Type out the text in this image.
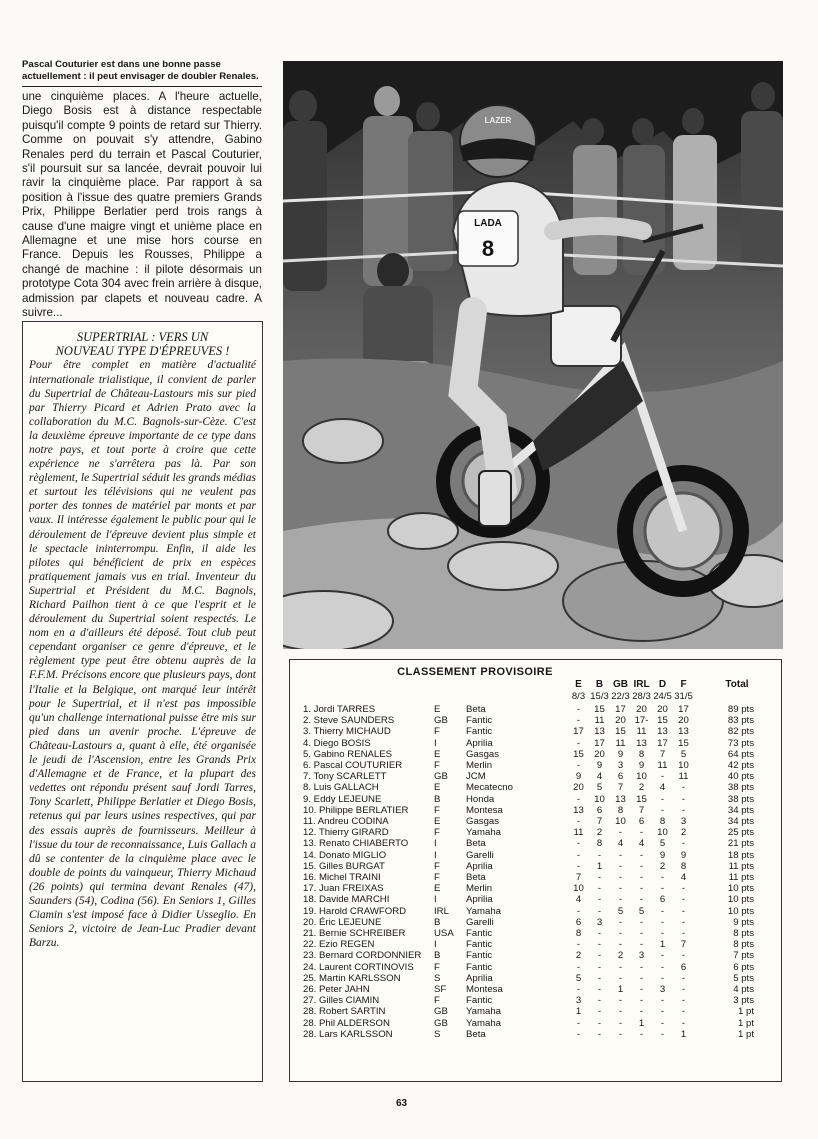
Pascal Couturier est dans une bonne passe actuellement : il peut envisager de doubler Renales.
une cinquième places. A l'heure actuelle, Diego Bosis est à distance respectable puisqu'il compte 9 points de retard sur Thierry. Comme on pouvait s'y attendre, Gabino Renales perd du terrain et Pascal Couturier, s'il poursuit sur sa lancée, devrait pouvoir lui ravir la cinquième place. Par rapport à sa position à l'issue des quatre premiers Grands Prix, Philippe Berlatier perd trois rangs à cause d'une maigre vingt et unième place en Allemagne et une mise hors course en France. Depuis les Rousses, Philippe a changé de machine : il pilote désormais un prototype Cota 304 avec frein arrière à disque, admission par clapets et nouveau cadre. A suivre...
SUPERTRIAL : VERS UN
NOUVEAU TYPE D'ÉPREUVES !

Pour être complet en matière d'actualité internationale trialistique, il convient de parler du Supertrial de Château-Lastours mis sur pied par Thierry Picard et Adrien Prato avec la collaboration du M.C. Bagnols-sur-Cèze. C'est la deuxième épreuve importante de ce type dans notre pays, et tout porte à croire que cette expérience ne s'arrêtera pas là. Par son règlement, le Supertrial séduit les grands médias et surtout les télévisions qui ne veulent pas porter des tonnes de matériel par monts et par vaux. Il intéresse également le public pour qui le déroulement de l'épreuve devient plus simple et le spectacle ininterrompu. Enfin, il aide les pilotes qui bénéficient de prix en espèces pratiquement jamais vus en trial. Inventeur du Supertrial et Président du M.C. Bagnols, Richard Pailhon tient à ce que l'esprit et le déroulement du Supertrial soient respectés. Le nom en a d'ailleurs été déposé. Tout club peut cependant organiser ce genre d'épreuve, et le règlement type peut être obtenu auprès de la F.F.M. Précisons encore que plusieurs pays, dont l'Italie et la Belgique, ont marqué leur intérêt pour le Supertrial, et il n'est pas impossible qu'un challenge international puisse être mis sur pied dans un avenir proche. L'épreuve de Château-Lastours a, quant à elle, été organisée le jeudi de l'Ascension, entre les Grands Prix d'Allemagne et de France, et la plupart des vedettes ont répondu présent sauf Jordi Tarres, Tony Scarlett, Philippe Berlatier et Diego Bosis, retenus qui par leurs usines respectives, qui par des essais auprès de fournisseurs. Meilleur à l'issue du tour de reconnaissance, Luis Gallach a dû se contenter de la cinquième place avec le double de points du vainqueur, Thierry Michaud (26 points) qui termina devant Renales (47), Saunders (54), Codina (56). En Seniors 1, Gilles Ciamin s'est imposé face à Didier Usseglio. En Seniors 2, victoire de Jean-Luc Pradier devant Barzu.

LADA
8
LAZER
CLASSEMENT PROVISOIRE
Total
E	B GB IRL D	F
8/3 15/3 22/3 28/3 24/5 31/5
1. Jordi TARRES	E	Beta	-	15	17	20	20	17	89 pts
2. Steve SAUNDERS	GB	Fantic	-	11	20	17-	15	20	83 pts
3. Thierry MICHAUD	F	Fantic	17	13	15	11	13	13	82 pts
4. Diego BOSIS	I	Aprilia	-	17	11	13	17	15	73 pts
5. Gabino RENALES	E	Gasgas	15	20	9	8	7	5	64 pts
6. Pascal COUTURIER	F	Merlin	-	9	3	9	11	10	42 pts
7. Tony SCARLETT	GB	JCM	9	4	6	10	-	11	40 pts
8. Luis GALLACH	E	Mecatecno	20	5	7	2	4	-	38 pts
9. Eddy LEJEUNE	B	Honda	-	10	13	15	-	-	38 pts
10. Philippe BERLATIER	F	Montesa	13	6	8	7	-	-	34 pts
11. Andreu CODINA	E	Gasgas	-	7	10	6	8	3	34 pts
12. Thierry GIRARD	F	Yamaha	11	2	-	-	10	2	25 pts
13. Renato CHIABERTO	I	Beta	-	8	4	4	5	-	21 pts
14. Donato MIGLIO	I	Garelli	-	-	-	-	9	9	18 pts
15. Gilles BURGAT	F	Aprilia	-	1	-	-	2	8	11 pts
16. Michel TRAINI	F	Beta	7	-	-	-	-	4	11 pts
17. Juan FREIXAS	E	Merlin	10	-	-	-	-	-	10 pts
18. Davide MARCHI	I	Aprilia	4	-	-	-	6	-	10 pts
19. Harold CRAWFORD	IRL	Yamaha	-	-	5	5	-	-	10 pts
20. Éric LEJEUNE	B	Garelli	6	3	-	-	-	-	9 pts
21. Bernie SCHREIBER	USA	Fantic	8	-	-	-	-	-	8 pts
22. Ezio REGEN	I	Fantic	-	-	-	-	1	7	8 pts
23. Bernard CORDONNIER	B	Fantic	2	-	2	3	-	-	7 pts
24. Laurent CORTINOVIS	F	Fantic	-	-	-	-	-	6	6 pts
25. Martin KARLSSON	S	Aprilia	5	-	-	-	-	-	5 pts
26. Peter JAHN	SF	Montesa	-	-	1	-	3	-	4 pts
27. Gilles CIAMIN	F	Fantic	3	-	-	-	-	-	3 pts
28. Robert SARTIN	GB	Yamaha	1	-	-	-	-	-	1 pt
28. Phil ALDERSON	GB	Yamaha	-	-	-	1	-	-	1 pt
28. Lars KARLSSON	S	Beta	-	-	-	-	-	1	1 pt
63
